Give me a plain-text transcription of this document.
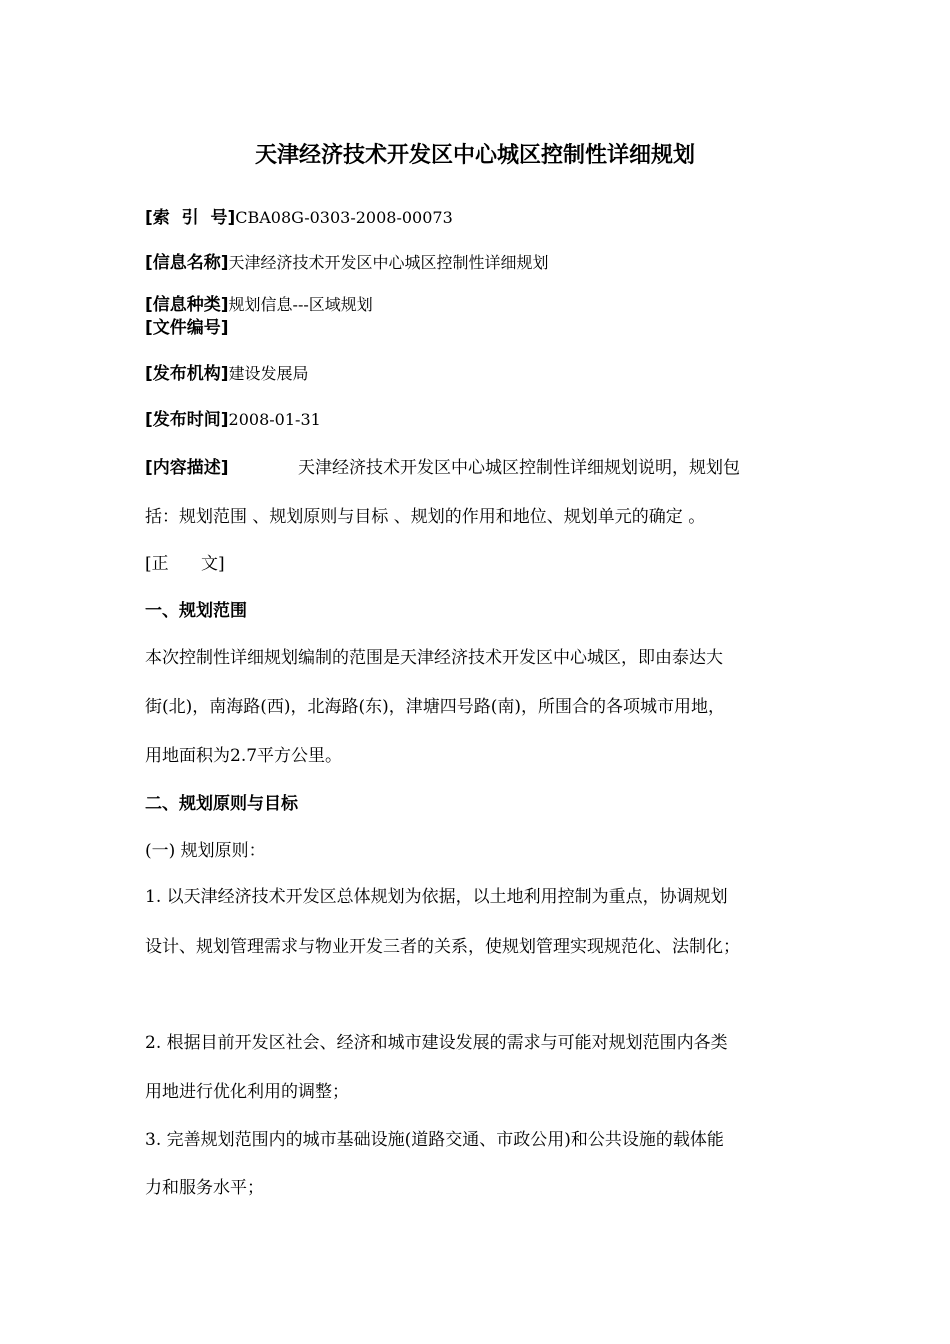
天津经济技术开发区中心城区控制性详细规划
[索  引  号]CBA08G-0303-2008-00073
[信息名称]天津经济技术开发区中心城区控制性详细规划
[信息种类]规划信息---区域规划
[文件编号]
[发布机构]建设发展局
[发布时间]2008-01-31
[内容描述]	天津经济技术开发区中心城区控制性详细规划说明，规划包
括：规划范围 、规划原则与目标 、规划的作用和地位、规划单元的确定 。
[正      文]
一、规划范围
本次控制性详细规划编制的范围是天津经济技术开发区中心城区，即由泰达大
街(北)，南海路(西)，北海路(东)，津塘四号路(南)，所围合的各项城市用地，
用地面积为2.7平方公里。
二、规划原则与目标
(一) 规划原则：
1. 以天津经济技术开发区总体规划为依据，以土地利用控制为重点，协调规划
设计、规划管理需求与物业开发三者的关系，使规划管理实现规范化、法制化；
2. 根据目前开发区社会、经济和城市建设发展的需求与可能对规划范围内各类
用地进行优化利用的调整；
3. 完善规划范围内的城市基础设施(道路交通、市政公用)和公共设施的载体能
力和服务水平；
